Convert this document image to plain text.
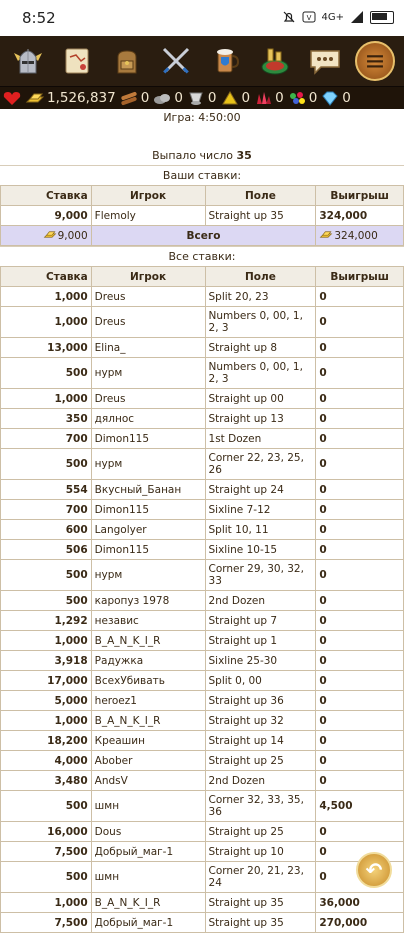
8:52	V 4G+
1,526,837 0 0 0 0 0 0 0
Игра: 4:50:00
Выпало число 35
Ваши ставки:
Ставка	Игрок	Поле	Выигрыш
9,000	Flemoly	Straight up 35	324,000
9,000	Всего		324,000
Все ставки:
Ставка	Игрок	Поле	Выигрыш
1,000	Dreus	Split 20, 23	0
1,000	Dreus	Numbers 0, 00, 1, 2, 3	0
13,000	Elina_	Straight up 8	0
500	нурм	Numbers 0, 00, 1, 2, 3	0
1,000	Dreus	Straight up 00	0
350	дялнос	Straight up 13	0
700	Dimon115	1st Dozen	0
500	нурм	Corner 22, 23, 25, 26	0
554	Вкусный_Банан	Straight up 24	0
700	Dimon115	Sixline 7-12	0
600	Langolyer	Split 10, 11	0
506	Dimon115	Sixline 10-15	0
500	нурм	Corner 29, 30, 32, 33	0
500	каропуз 1978	2nd Dozen	0
1,292	независ	Straight up 7	0
1,000	B_A_N_K_I_R	Straight up 1	0
3,918	Радужка	Sixline 25-30	0
17,000	ВсехУбивать	Split 0, 00	0
5,000	heroez1	Straight up 36	0
1,000	B_A_N_K_I_R	Straight up 32	0
18,200	Креашин	Straight up 14	0
4,000	Abober	Straight up 25	0
3,480	AndsV	2nd Dozen	0
500	шмн	Corner 32, 33, 35, 36	4,500
16,000	Dous	Straight up 25	0
7,500	Добрый_маг-1	Straight up 10	0
500	шмн	Corner 20, 21, 23, 24	0
1,000	B_A_N_K_I_R	Straight up 35	36,000
7,500	Добрый_маг-1	Straight up 35	270,000
↶
